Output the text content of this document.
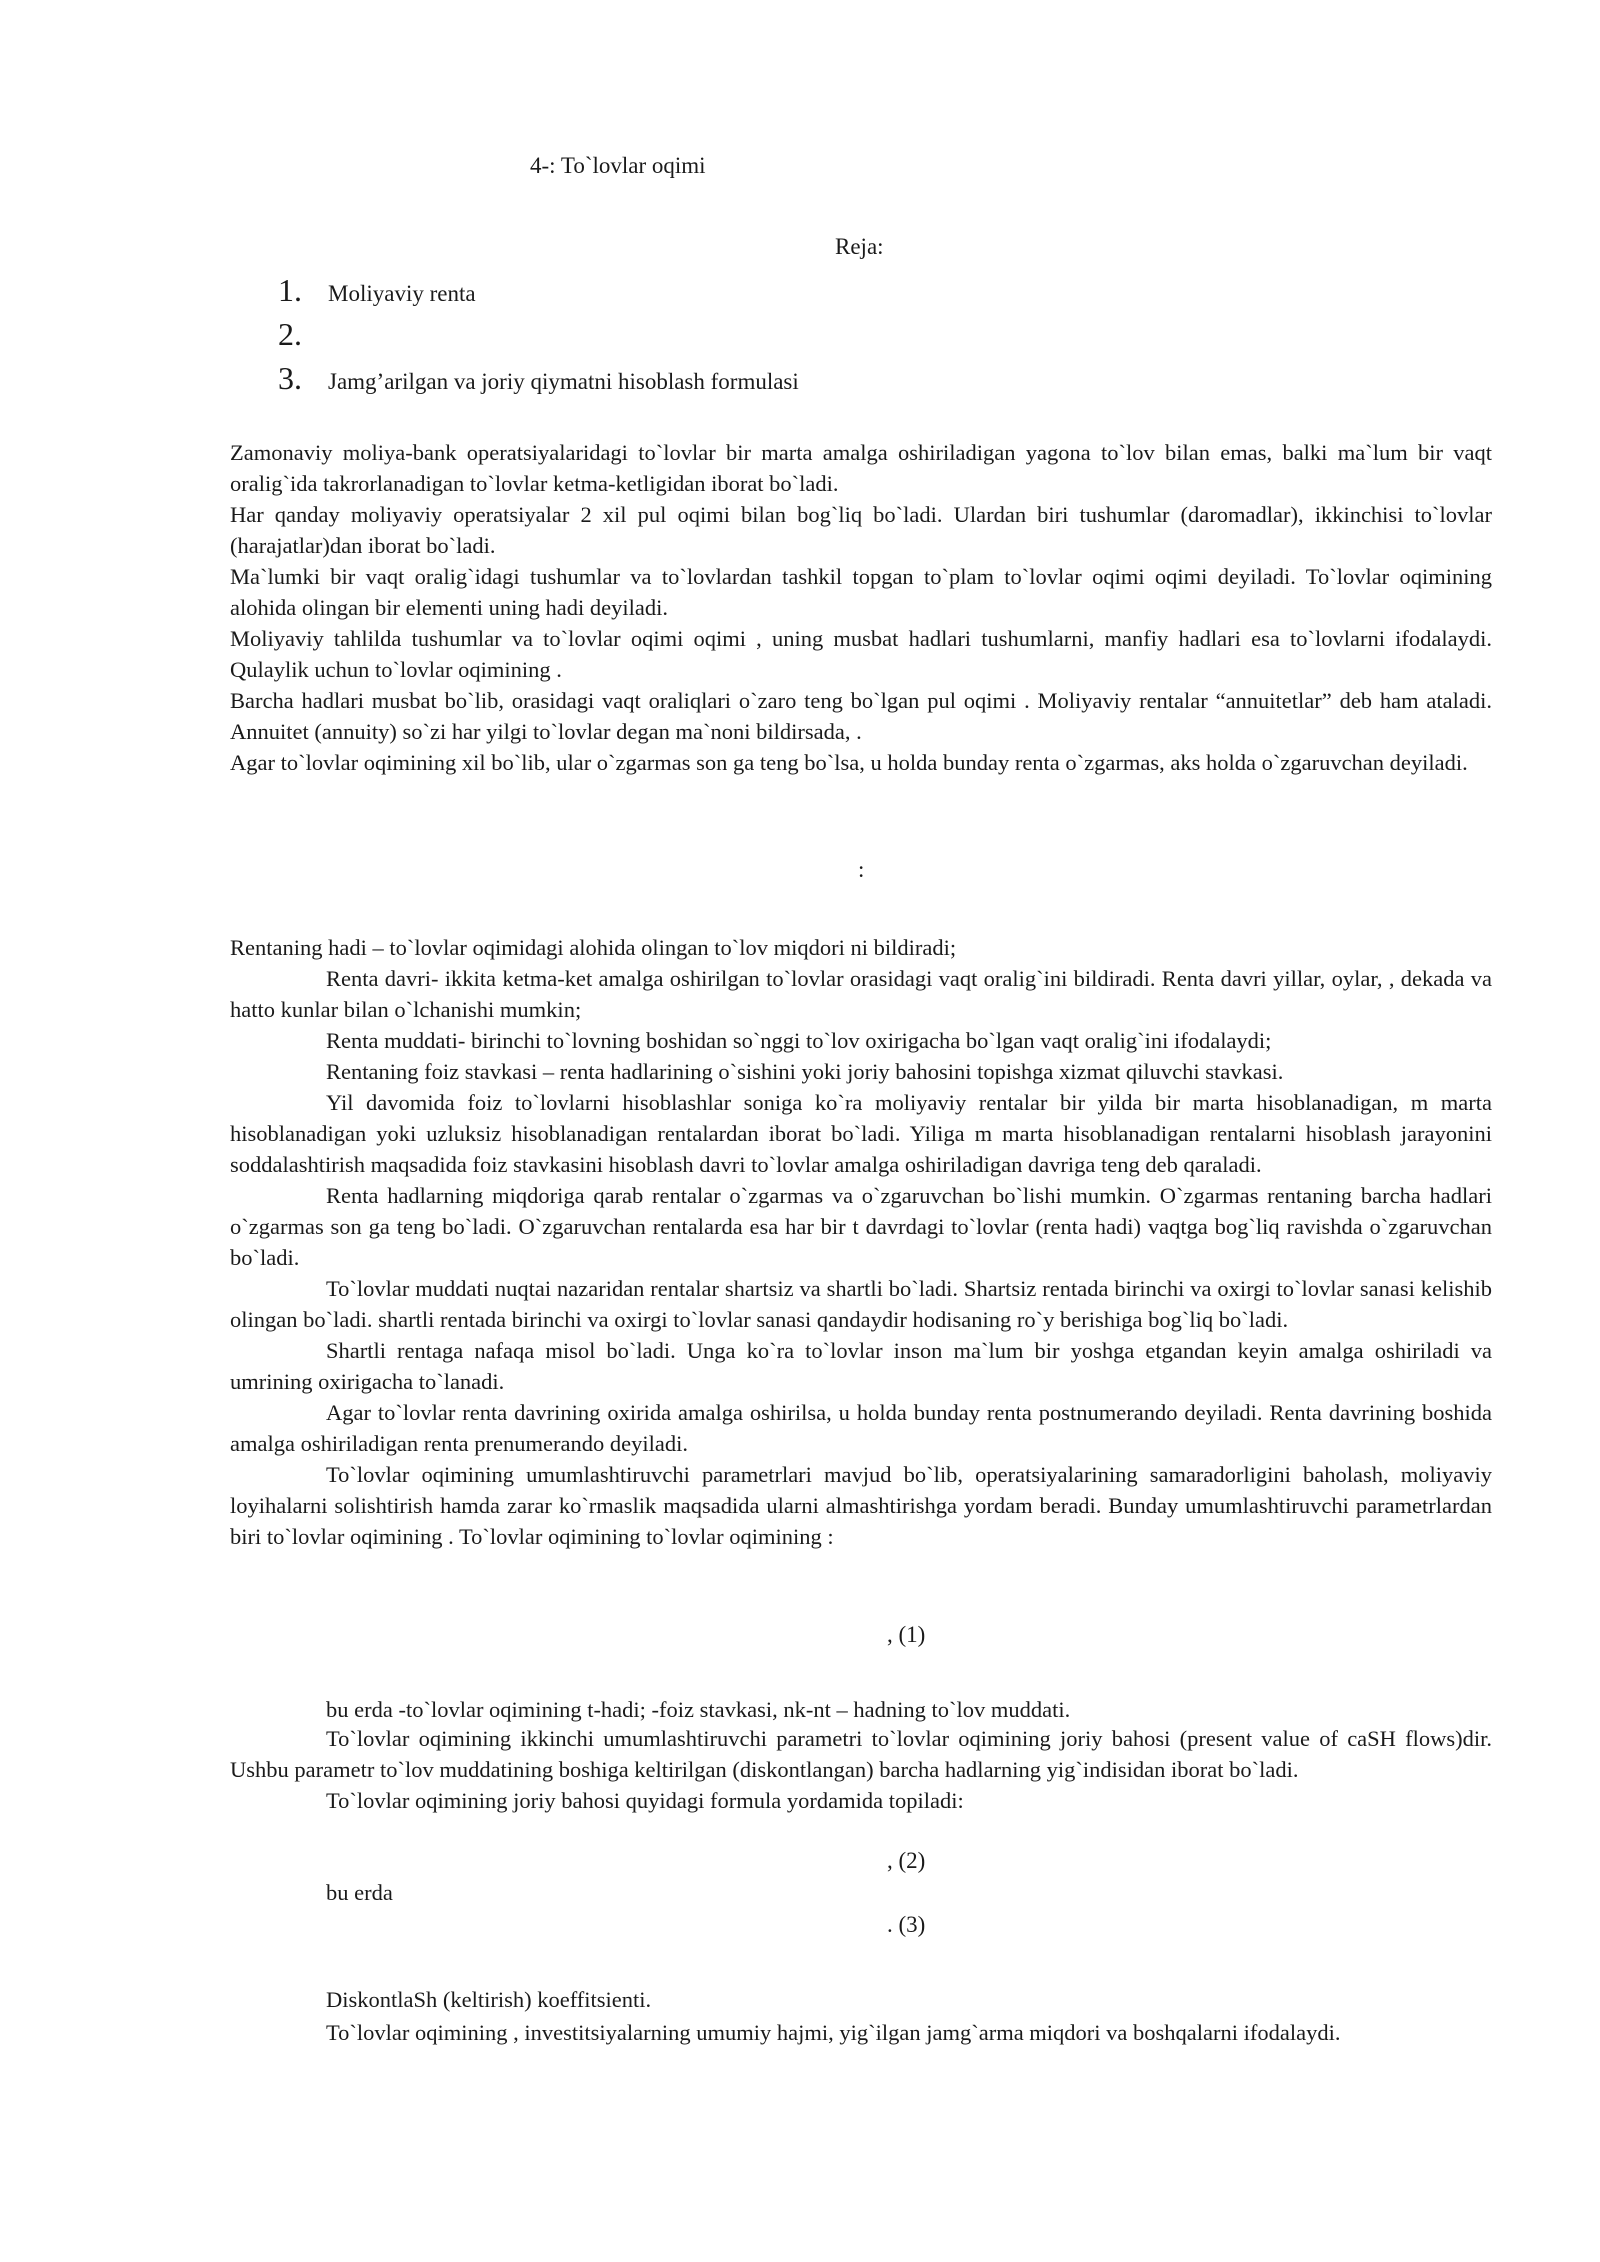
4-: To`lovlar oqimi
Reja:
1.	Moliyaviy renta
2.
3.	Jamg’arilgan va joriy qiymatni hisoblash formulasi

Zamonaviy moliya-bank operatsiyalaridagi to`lovlar bir marta amalga oshiriladigan yagona to`lov bilan emas, balki ma`lum bir vaqt oralig`ida takrorlanadigan to`lovlar ketma-ketligidan iborat bo`ladi.

Har qanday moliyaviy operatsiyalar 2 xil pul oqimi bilan bog`liq bo`ladi. Ulardan biri tushumlar (daromadlar), ikkinchisi to`lovlar (harajatlar)dan iborat bo`ladi.

Ma`lumki bir vaqt oralig`idagi tushumlar va to`lovlardan tashkil topgan to`plam to`lovlar oqimi oqimi deyiladi. To`lovlar oqimining alohida olingan bir elementi uning hadi deyiladi.

Moliyaviy tahlilda tushumlar va to`lovlar oqimi oqimi , uning musbat hadlari tushumlarni, manfiy hadlari esa to`lovlarni ifodalaydi. Qulaylik uchun to`lovlar oqimining .

Barcha hadlari musbat bo`lib, orasidagi vaqt oraliqlari o`zaro teng bo`lgan pul oqimi . Moliyaviy rentalar “annuitetlar” deb ham ataladi. Annuitet (annuity) so`zi har yilgi to`lovlar degan ma`noni bildirsada, .

Agar to`lovlar oqimining xil bo`lib, ular o`zgarmas son ga teng bo`lsa, u holda bunday renta o`zgarmas, aks holda o`zgaruvchan deyiladi.

:

Rentaning hadi – to`lovlar oqimidagi alohida olingan to`lov miqdori ni bildiradi;

Renta davri- ikkita ketma-ket amalga oshirilgan to`lovlar orasidagi vaqt oralig`ini bildiradi. Renta davri yillar, oylar, , dekada va hatto kunlar bilan o`lchanishi mumkin;

Renta muddati- birinchi to`lovning boshidan so`nggi to`lov oxirigacha bo`lgan vaqt oralig`ini ifodalaydi;

Rentaning foiz stavkasi – renta hadlarining o`sishini yoki joriy bahosini topishga xizmat qiluvchi stavkasi.

Yil davomida foiz to`lovlarni hisoblashlar soniga ko`ra moliyaviy rentalar bir yilda bir marta hisoblanadigan, m marta hisoblanadigan yoki uzluksiz hisoblanadigan rentalardan iborat bo`ladi. Yiliga m marta hisoblanadigan rentalarni hisoblash jarayonini soddalashtirish maqsadida foiz stavkasini hisoblash davri to`lovlar amalga oshiriladigan davriga teng deb qaraladi.

Renta hadlarning miqdoriga qarab rentalar o`zgarmas va o`zgaruvchan bo`lishi mumkin. O`zgarmas rentaning barcha hadlari o`zgarmas son ga teng bo`ladi. O`zgaruvchan rentalarda esa har bir t davrdagi to`lovlar (renta hadi) vaqtga bog`liq ravishda o`zgaruvchan bo`ladi.

To`lovlar muddati nuqtai nazaridan rentalar shartsiz va shartli bo`ladi. Shartsiz rentada birinchi va oxirgi to`lovlar sanasi kelishib olingan bo`ladi. shartli rentada birinchi va oxirgi to`lovlar sanasi qandaydir hodisaning ro`y berishiga bog`liq bo`ladi.

Shartli rentaga nafaqa misol bo`ladi. Unga ko`ra to`lovlar inson ma`lum bir yoshga etgandan keyin amalga oshiriladi va umrining oxirigacha to`lanadi.

Agar to`lovlar renta davrining oxirida amalga oshirilsa, u holda bunday renta postnumerando deyiladi. Renta davrining boshida amalga oshiriladigan renta prenumerando deyiladi.

To`lovlar oqimining umumlashtiruvchi parametrlari mavjud bo`lib, operatsiyalarining samaradorligini baholash, moliyaviy loyihalarni solishtirish hamda zarar ko`rmaslik maqsadida ularni almashtirishga yordam beradi. Bunday umumlashtiruvchi parametrlardan biri to`lovlar oqimining . To`lovlar oqimining to`lovlar oqimining :

, (1)
bu erda -to`lovlar oqimining t-hadi; -foiz stavkasi, nk-nt – hadning to`lov muddati.

To`lovlar oqimining ikkinchi umumlashtiruvchi parametri to`lovlar oqimining joriy bahosi (present value of caSH flows)dir. Ushbu parametr to`lov muddatining boshiga keltirilgan (diskontlangan) barcha hadlarning yig`indisidan iborat bo`ladi.

To`lovlar oqimining joriy bahosi quyidagi formula yordamida topiladi:

, (2)
bu erda
. (3)
DiskontlaSh (keltirish) koeffitsienti.

To`lovlar oqimining , investitsiyalarning umumiy hajmi, yig`ilgan jamg`arma miqdori va boshqalarni ifodalaydi.
